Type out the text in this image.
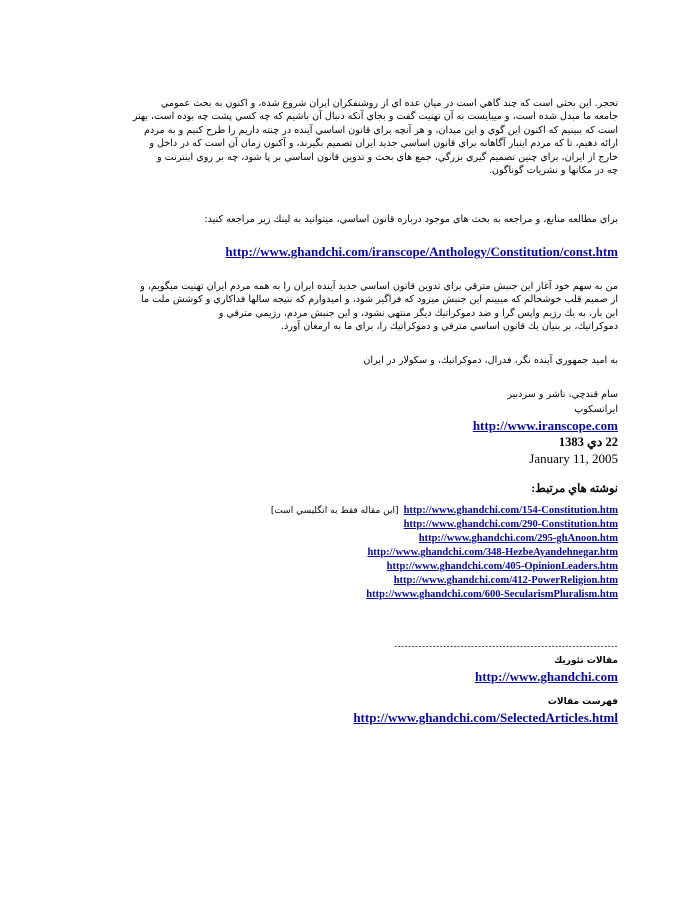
تحجر. اين بحثي است كه چند گاهي است در ميان عده اي از روشنفكران ايران شروع شده، و اكنون به بحث عمومي
جامعه ما مبدل شده است، و ميبايست به آن تهنيت گفت و بجاي آنكه دنبال آن باشيم كه چه كسي پشت چه بوده است، بهتر
است كه ببينيم كه اكنون اين گوي و اين ميدان، و هر آنچه براي قانون اساسي آينده در چنته داريم را طرح كنيم و به مردم
ارائه دهيم، تا كه مردم اينبار آگاهانه براي قانون اساسي جديد ايران تصميم بگيرند، و آكنون زمان آن است كه در داخل و
خارج از ايران، براي چنين تصميم گيري بزرگي، جمع هاي بحث و تدوين قانون اساسي بر پا شود، چه بر روي اينترنت و
چه در مكانها و نشريات گوناگون.
براي مطالعه منابع، و مراجعه به بحث هاي موجود درباره قانون اساسي، ميتوانيد به لينك زير مراجعه كنيد:
http://www.ghandchi.com/iranscope/Anthology/Constitution/const.htm
من به سهم خود آغاز اين جنبش مترقي براي تدوين قانون اساسي جديد آينده ايران را به همه مردم ايران تهنيت ميگويم، و
از صميم قلب خوشحالم كه ميبينم اين جنبش ميرود كه فراگير شود، و اميدوارم كه نتيجه سالها فداكاري و كوشش ملت ما
اين بار، به يك رژيم واپس گرا و ضد دموكراتيك ديگر منتهي نشود، و اين جنبش مردم، رژيمي مترقي و
دموكراتيك، بر بنيان يك قانون اساسي مترقي و دموكراتيك را، براي ما به ارمغان آورد.
به اميد جمهوري آينده نگر، فدرال، دموكراتيك، و سكولار در ايران
سام قندچي، ناشر و سردبير
ايرانسكوپ
http://www.iranscope.com
22 دي 1383
January 11, 2005
نوشته هاي مرتبط:
[اين مقاله فقط به انگليسي است] http://www.ghandchi.com/154-Constitution.htm
http://www.ghandchi.com/290-Constitution.htm
http://www.ghandchi.com/295-ghAnoon.htm
http://www.ghandchi.com/348-HezbeAyandehnegar.htm
http://www.ghandchi.com/405-OpinionLeaders.htm
http://www.ghandchi.com/412-PowerReligion.htm
http://www.ghandchi.com/600-SecularismPluralism.htm
----------------------------------------------------------------
مقالات تئوريك
http://www.ghandchi.com
فهرست مقالات
http://www.ghandchi.com/SelectedArticles.html
